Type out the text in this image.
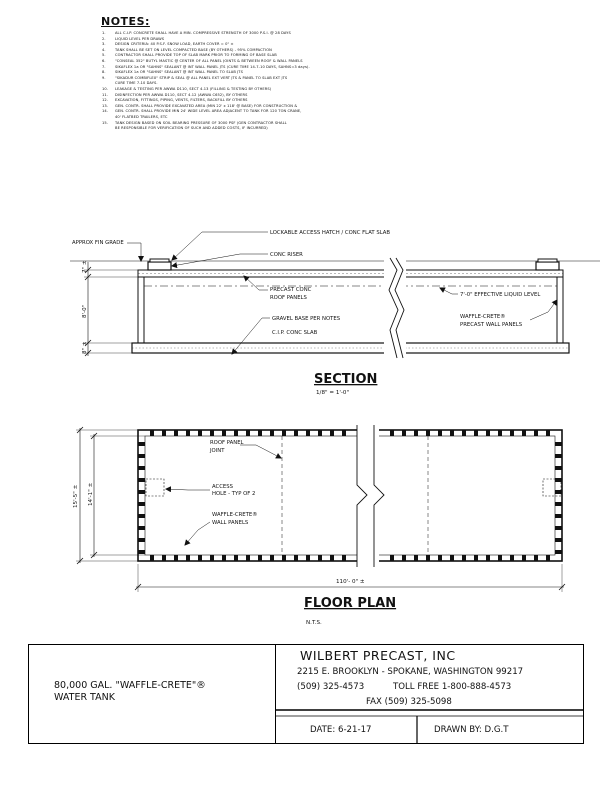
NOTES:
1.	ALL C.I.P. CONCRETE SHALL HAVE A MIN. COMPRESSIVE STRENGTH OF 3000 P.S.I. @ 28 DAYS
2.	LIQUID LEVEL PER DRAWS
3.	DESIGN CRITERIA: 40 P.S.F. SNOW LOAD, EARTH COVER = 0" ±
4.	TANK SHALL BE SET ON LEVEL COMPACTED BASE (BY OTHERS) - 95% COMPACTION
5.	CONTRACTOR SHALL PROVIDE TOP OF SLAB MARK PRIOR TO FORMING OF BASE SLAB
6.	"CONSEAL 352" BUTYL MASTIC @ CENTER OF ALL PANEL JOINTS & BETWEEN ROOF & WALL PANELS
7.	SIKAFLEX 1a OR "SAHNS" SEALANT @ INT WALL PANEL JTS (CURE TIME 14-7-10 DAYS, SAHNS=3 days).
8.	SIKAFLEX 1a OR "SAHNS" SEALANT @ INT WALL PANEL TO SLAB JTS
9.	"SIKADUR COMBIFLEX" STRIP & SEAL @ ALL PANEL EXT VERT JTS & PANEL TO SLAB EXT JTS
CURE TIME 7-10 DAYS.
10. LEAKAGE & TESTING PER AWWA D110, SECT 4.13 (FILLING & TESTING BY OTHERS)
11. DISINFECTION PER AWWA D110, SECT 4.12 (AWWA C652), BY OTHERS
12. EXCAVATION, FITTINGS, PIPING, VENTS, FILTERS, BACKFILL BY OTHERS
13. GEN. CONTR. SHALL PROVIDE EXCAVATED AREA (MIN 22' x 118' @ BASE) FOR CONSTRUCTION &
14. GEN. CONTR. SHALL PROVIDE MIN 24' WIDE LEVEL AREA ADJACENT TO TANK FOR 120 TON CRANE,
40' FLATBED TRAILERS, ETC
15. TANK DESIGN BASED ON SOIL BEARING PRESSURE OF 3000 PSF (GEN CONTRACTOR SHALL
BE RESPONSIBLE FOR VERIFICATION OF SUCH AND ADDED COSTS, IF INCURRED)
APPROX FIN GRADE
LOCKABLE ACCESS HATCH / CONC FLAT SLAB
CONC RISER
PRECAST CONC
ROOF PANELS
GRAVEL BASE PER NOTES
C.I.P. CONC SLAB
7'-0" EFFECTIVE LIQUID LEVEL
WAFFLE-CRETE®
PRECAST WALL PANELS
7" ±
8'-0"
8" ±
SECTION
1/8" = 1'-0"
ROOF PANEL
JOINT
ACCESS
HOLE - TYP OF 2
WAFFLE-CRETE®
WALL PANELS
15'-5" ± 14'-1" ±
110'- 0" ±
FLOOR PLAN
N.T.S.
80,000 GAL. "WAFFLE-CRETE"®
WATER TANK
WILBERT PRECAST, INC
2215 E. BROOKLYN - SPOKANE, WASHINGTON 99217
(509) 325-4573	TOLL FREE 1-800-888-4573
FAX (509) 325-5098
DATE: 6-21-17	DRAWN BY: D.G.T
